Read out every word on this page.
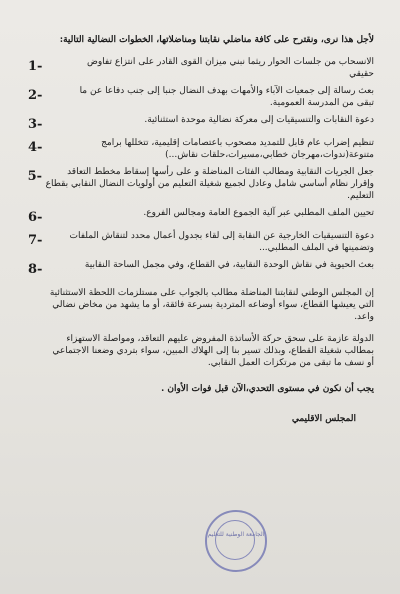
لأجل هذا نرى، ونقترح على كافة مناضلي نقابتنا ومناضلاتها، الخطوات النضالية التالية:
الانسحاب من جلسات الحوار ريثما نبني ميزان القوى القادر على انتزاع تفاوض
حقيقي
-1
بعث رسالة إلى جمعيات الآباء والأمهات بهدف النضال جنبا إلى جنب دفاعا عن ما
تبقى من المدرسة العمومية.
-2
دعوة النقابات والتنسيقيات إلى معركة نضالية موحدة استثنائية.
-3
تنظيم إضراب عام قابل للتمديد مصحوب باعتصامات إقليمية، تتخللها برامج
متنوعة(ندوات،مهرجان خطابي،مسيرات،حلقات نقاش...)
-4
جعل الجريات النقابية ومطالب الفئات المناضلة و على رأسها إسقاط مخطط التعاقد
وإقرار نظام أساسي شامل وعادل لجميع شغيلة التعليم من أولويات النضال النقابي بقطاع
التعليم.
-5
تحيين الملف المطلبي عبر آلية الجموع العامة ومجالس الفروع.
-6
دعوة التنسيقيات الخارجية عن النقابة إلى لقاء بجدول أعمال محدد لتنقاش الملفات
وتضمينها في الملف المطلبي...
-7
بعث الحيوية في نقاش الوحدة النقابية، في القطاع، وفي مجمل الساحة النقابية
-8
إن المجلس الوطني لنقابتنا المناضلة مطالب بالجواب على مستلزمات اللحظة الاستثنائية
التي يعيشها القطاع، سواء أوضاعه المتردية بسرعة فائقة، أو ما يشهد من مخاض نضالي
واعد.
الدولة عازمة على سحق حركة الأساتذة المفروض عليهم التعاقد، ومواصلة الاستهزاء
بمطالب شغيلة القطاع، وبذلك تسير بنا إلى الهلاك المبين، سواء بتردي وضعنا الاجتماعي
أو نسف ما تبقى من مرتكزات العمل النقابي.
يجب أن نكون في مستوى التحدي،الآن قبل فوات الأوان .
المجلس الاقليمي
الجامعة الوطنية للتعليم
